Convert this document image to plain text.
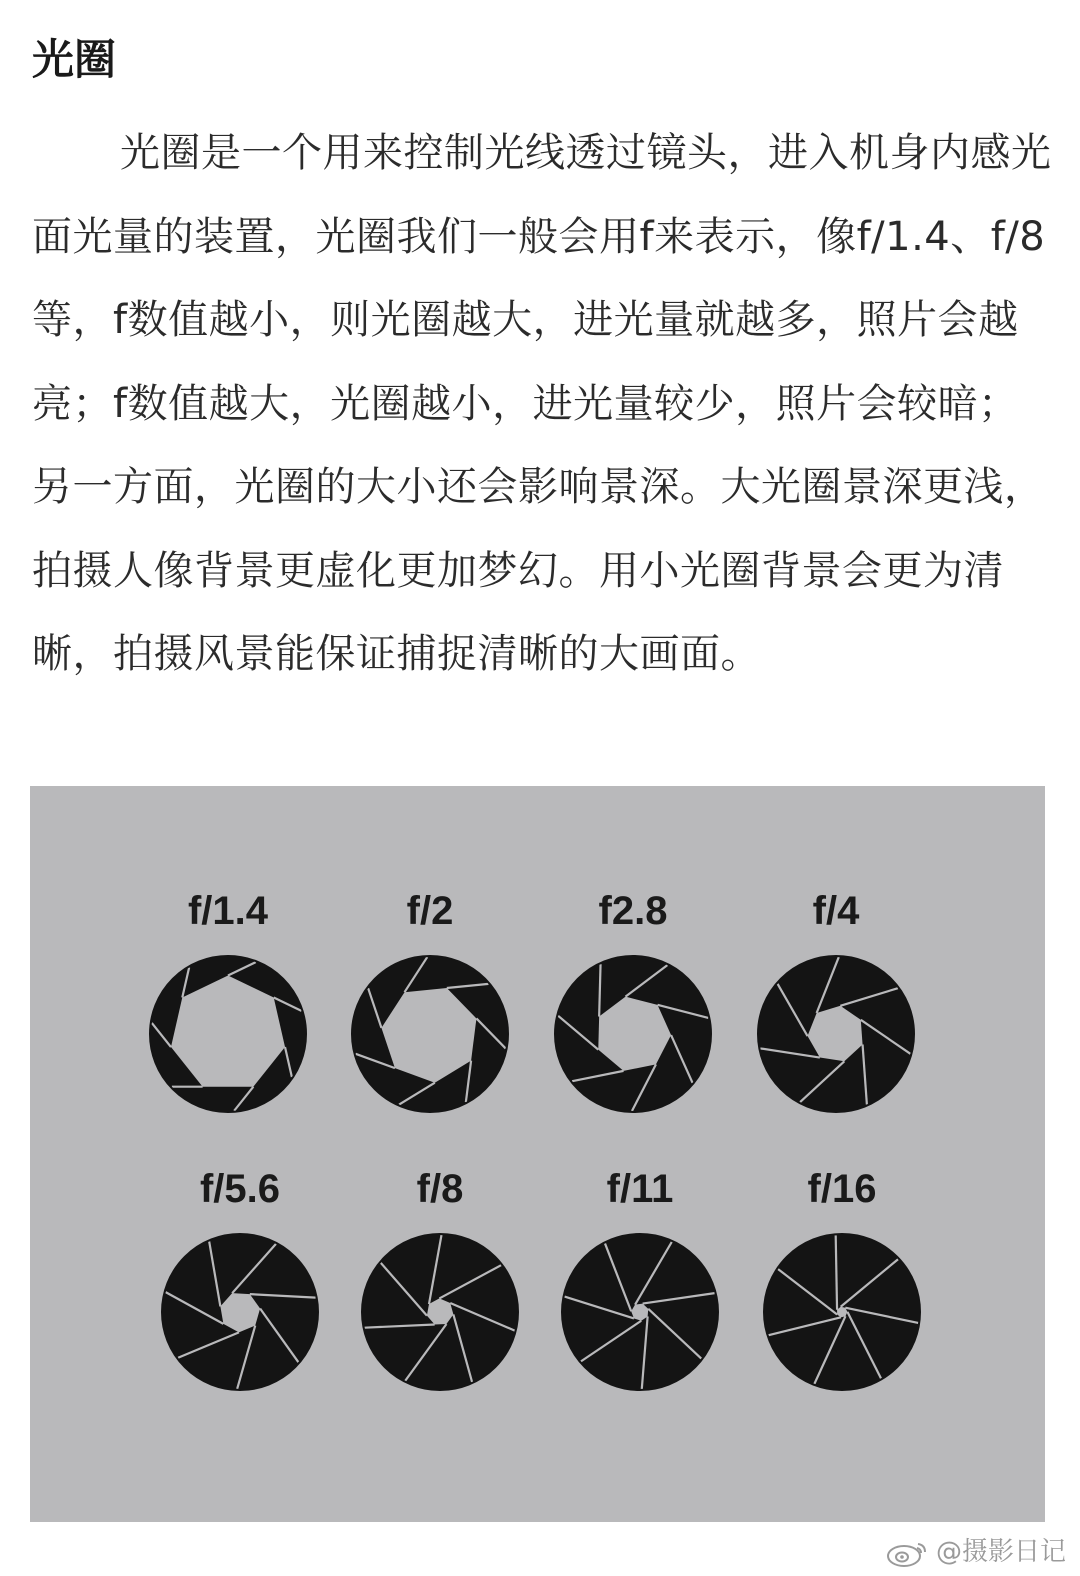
光圈

光圈是一个用来控制光线透过镜头，进入机身内感光面光量的装置，光圈我们一般会用f来表示，像f/1.4、f/8等，f数值越小，则光圈越大，进光量就越多，照片会越亮；f数值越大，光圈越小，进光量较少，照片会较暗；另一方面，光圈的大小还会影响景深。大光圈景深更浅，拍摄人像背景更虚化更加梦幻。用小光圈背景会更为清晰，拍摄风景能保证捕捉清晰的大画面。

f/1.4	f/2	f2.8	f/4
f/5.6	f/8	f/11	f/16
@摄影日记
